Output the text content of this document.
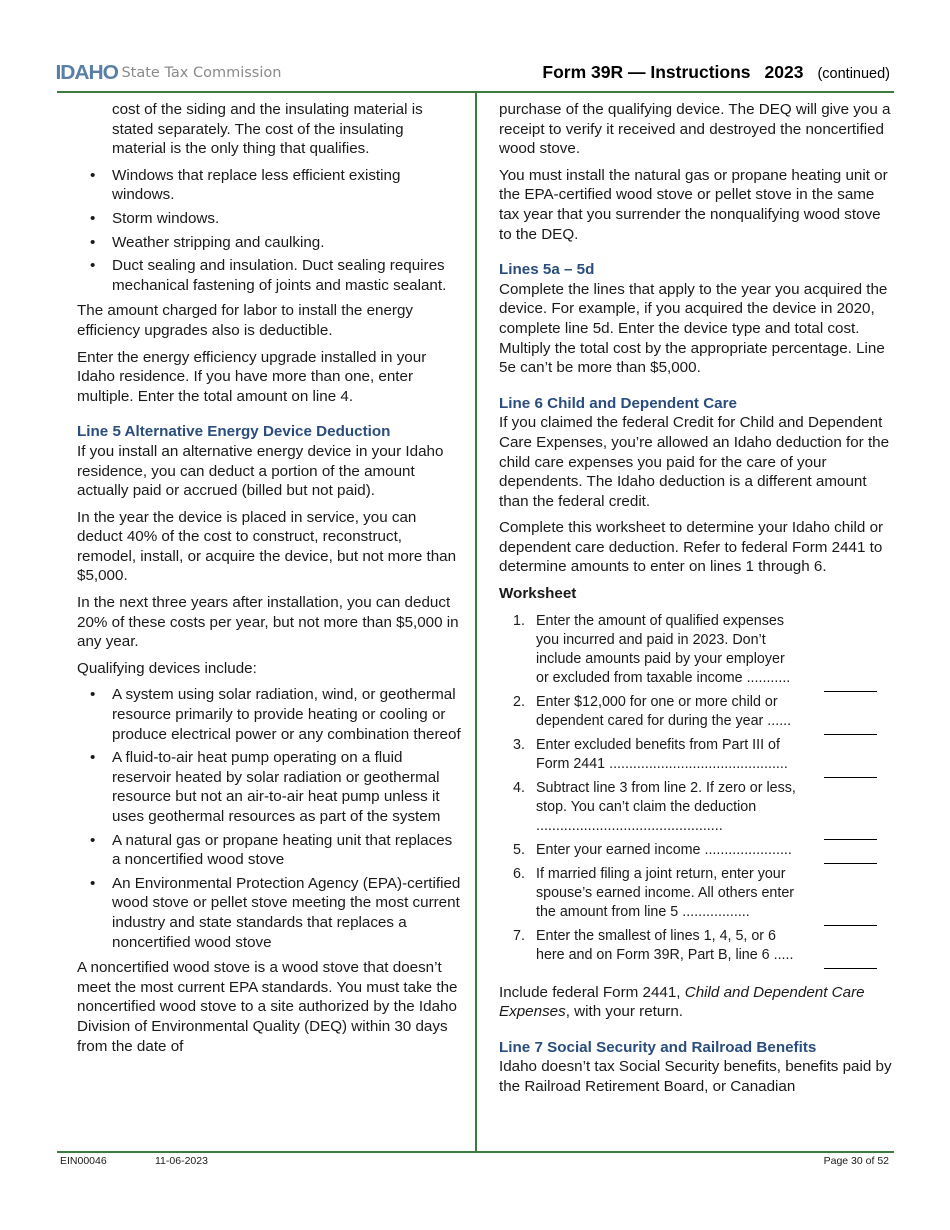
IDAHO State Tax Commission	Form 39R — Instructions 2023 (continued)

cost of the siding and the insulating material is stated separately. The cost of the insulating material is the only thing that qualifies.

• Windows that replace less efficient existing windows.
• Storm windows.
• Weather stripping and caulking.
• Duct sealing and insulation. Duct sealing requires mechanical fastening of joints and mastic sealant.

The amount charged for labor to install the energy efficiency upgrades also is deductible.

Enter the energy efficiency upgrade installed in your Idaho residence. If you have more than one, enter multiple. Enter the total amount on line 4.

Line 5 Alternative Energy Device Deduction

If you install an alternative energy device in your Idaho residence, you can deduct a portion of the amount actually paid or accrued (billed but not paid).

In the year the device is placed in service, you can deduct 40% of the cost to construct, reconstruct, remodel, install, or acquire the device, but not more than $5,000.

In the next three years after installation, you can deduct 20% of these costs per year, but not more than $5,000 in any year.

Qualifying devices include:

• A system using solar radiation, wind, or geothermal resource primarily to provide heating or cooling or produce electrical power or any combination thereof
• A fluid-to-air heat pump operating on a fluid reservoir heated by solar radiation or geothermal resource but not an air-to-air heat pump unless it uses geothermal resources as part of the system
• A natural gas or propane heating unit that replaces a noncertified wood stove
• An Environmental Protection Agency (EPA)-certified wood stove or pellet stove meeting the most current industry and state standards that replaces a noncertified wood stove

A noncertified wood stove is a wood stove that doesn’t meet the most current EPA standards. You must take the noncertified wood stove to a site authorized by the Idaho Division of Environmental Quality (DEQ) within 30 days from the date of

purchase of the qualifying device. The DEQ will give you a receipt to verify it received and destroyed the noncertified wood stove.

You must install the natural gas or propane heating unit or the EPA-certified wood stove or pellet stove in the same tax year that you surrender the nonqualifying wood stove to the DEQ.

Lines 5a – 5d

Complete the lines that apply to the year you acquired the device. For example, if you acquired the device in 2020, complete line 5d. Enter the device type and total cost. Multiply the total cost by the appropriate percentage. Line 5e can’t be more than $5,000.

Line 6 Child and Dependent Care

If you claimed the federal Credit for Child and Dependent Care Expenses, you’re allowed an Idaho deduction for the child care expenses you paid for the care of your dependents. The Idaho deduction is a different amount than the federal credit.

Complete this worksheet to determine your Idaho child or dependent care deduction. Refer to federal Form 2441 to determine amounts to enter on lines 1 through 6.

Worksheet

1. Enter the amount of qualified expenses you incurred and paid in 2023. Don’t include amounts paid by your employer or excluded from taxable income ...........
2. Enter $12,000 for one or more child or dependent cared for during the year ......
3. Enter excluded benefits from Part III of Form 2441 .............................................
4. Subtract line 3 from line 2. If zero or less, stop. You can’t claim the deduction ...............................................
5. Enter your earned income ......................
6. If married filing a joint return, enter your spouse’s earned income. All others enter the amount from line 5 .................
7. Enter the smallest of lines 1, 4, 5, or 6 here and on Form 39R, Part B, line 6 .....

Include federal Form 2441, Child and Dependent Care Expenses, with your return.

Line 7 Social Security and Railroad Benefits

Idaho doesn’t tax Social Security benefits, benefits paid by the Railroad Retirement Board, or Canadian

EIN00046	11-06-2023	Page 30 of 52
